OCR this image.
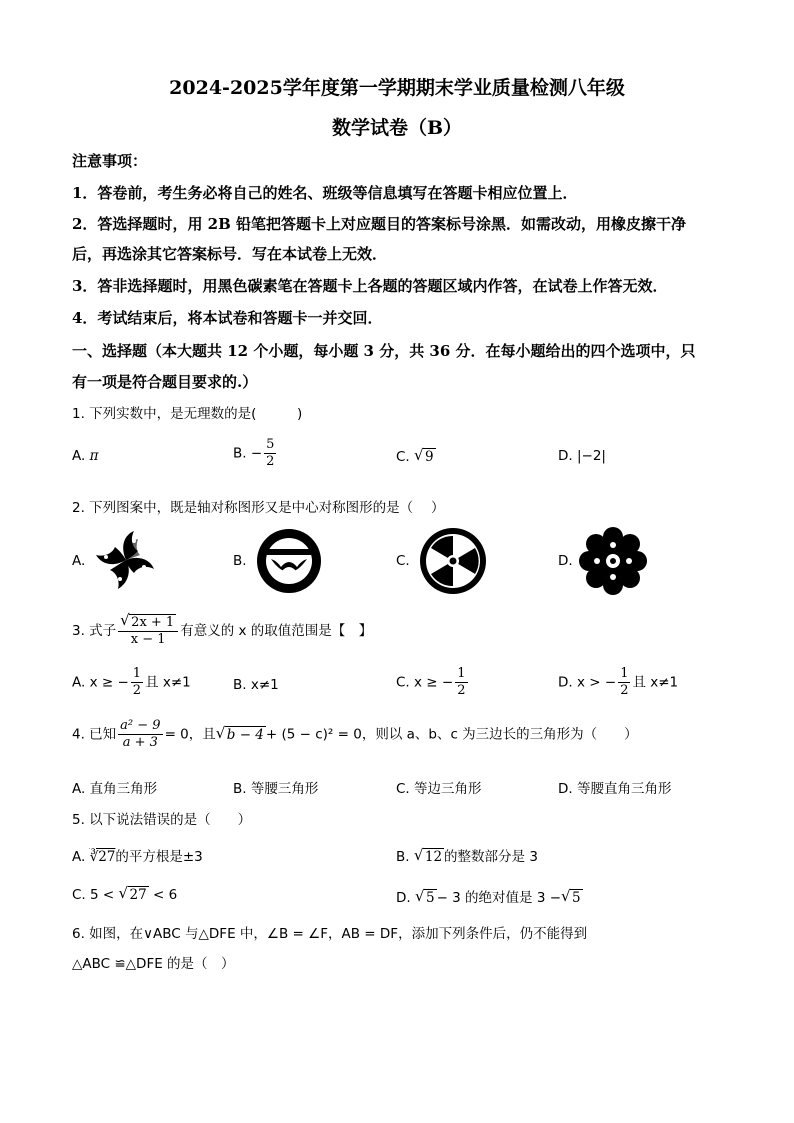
2024-2025学年度第一学期期末学业质量检测八年级
数学试卷（B）
注意事项：
1．答卷前，考生务必将自己的姓名、班级等信息填写在答题卡相应位置上．
2．答选择题时，用 2B 铅笔把答题卡上对应题目的答案标号涂黑．如需改动，用橡皮擦干净
后，再选涂其它答案标号．写在本试卷上无效．
3．答非选择题时，用黑色碳素笔在答题卡上各题的答题区域内作答，在试卷上作答无效．
4．考试结束后，将本试卷和答题卡一并交回．
一、选择题（本大题共 12 个小题，每小题 3 分，共 36 分．在每小题给出的四个选项中，只
有一项是符合题目要求的.）
1. 下列实数中，是无理数的是(　　　)
A. π	B. − $\frac{5}{2}$	C. √ 9	D. |−2|
2. 下列图案中，既是轴对称图形又是中心对称图形的是（　 ）
A.	B.	C.	D.
3. 式子 √ $\frac{2x + 1}{x - 1}$ 有意义的 x 的取值范围是【　】
A. x ≥ − $\frac{1}{2}$ 且 x≠1	B. x≠1	C. x ≥ − $\frac{1}{2}$	D. x > − $\frac{1}{2}$ 且 x≠1
4. 已知 $\frac{\text{a² − 9}}{a + 3} = 0$，且 √ b − 4 + (5 − c)² = 0，则以 a、b、c 为三边长的三角形为（　　）
A. 直角三角形	B. 等腰三角形	C. 等边三角形	D. 等腰直角三角形
5. 以下说法错误的是（　　）
A. ∛27的平方根是±3	B. √ 12 的整数部分是 3
C. 5 < √ 27 < 6	D. √ 5 − 3 的绝对值是 3 − √ 5
6. 如图，在∨ABC 与△DFE 中，∠B = ∠F，AB = DF，添加下列条件后，仍不能得到
△ABC ≌△DFE 的是（　）
